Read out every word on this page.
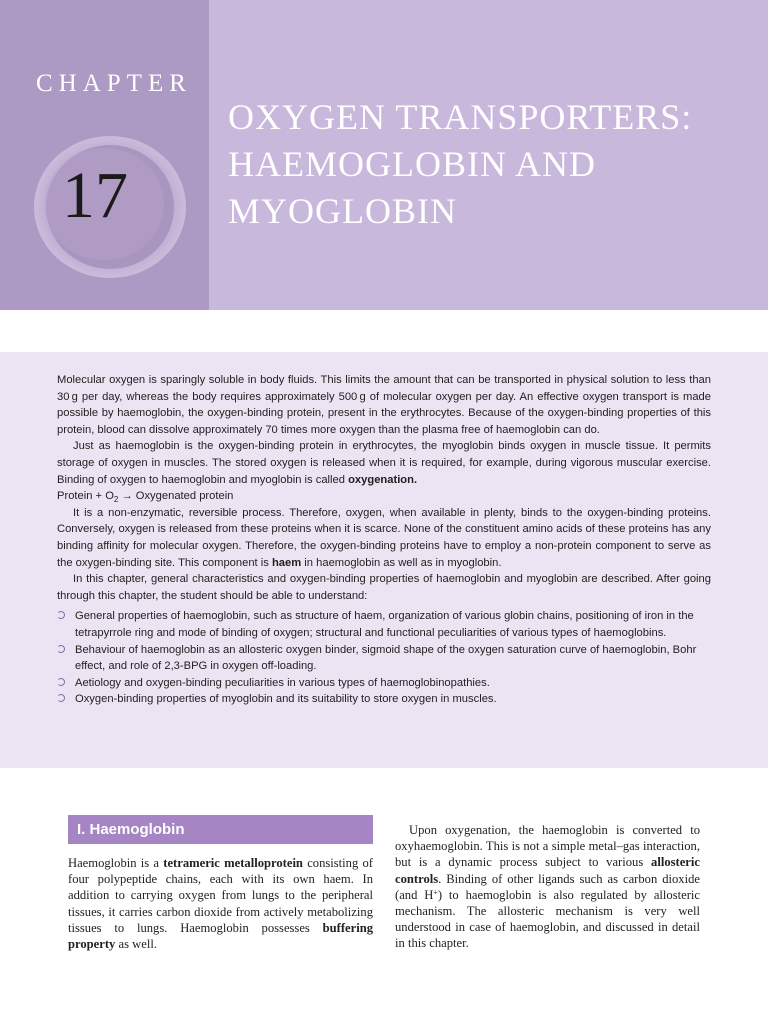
CHAPTER
17
OXYGEN TRANSPORTERS:
HAEMOGLOBIN AND
MYOGLOBIN

Molecular oxygen is sparingly soluble in body fluids. This limits the amount that can be transported in physical solution to less than 30 g per day, whereas the body requires approximately 500 g of molecular oxygen per day. An effective oxygen transport is made possible by haemoglobin, the oxygen-binding protein, present in the erythrocytes. Because of the oxygen-binding properties of this protein, blood can dissolve approximately 70 times more oxygen than the plasma free of haemoglobin can do.

Just as haemoglobin is the oxygen-binding protein in erythrocytes, the myoglobin binds oxygen in muscle tissue. It permits storage of oxygen in muscles. The stored oxygen is released when it is required, for example, during vigorous muscular exercise. Binding of oxygen to haemoglobin and myoglobin is called oxygenation.

Protein + $O_2$ → Oxygenated protein

It is a non-enzymatic, reversible process. Therefore, oxygen, when available in plenty, binds to the oxygen-binding proteins. Conversely, oxygen is released from these proteins when it is scarce. None of the constituent amino acids of these proteins has any binding affinity for molecular oxygen. Therefore, the oxygen-binding proteins have to employ a non-protein component to serve as the oxygen-binding site. This component is haem in haemoglobin as well as in myoglobin.

In this chapter, general characteristics and oxygen-binding properties of haemoglobin and myoglobin are described. After going through this chapter, the student should be able to understand:

General properties of haemoglobin, such as structure of haem, organization of various globin chains, positioning of iron in the tetrapyrrole ring and mode of binding of oxygen; structural and functional peculiarities of various types of haemoglobins.
Behaviour of haemoglobin as an allosteric oxygen binder, sigmoid shape of the oxygen saturation curve of haemoglobin, Bohr effect, and role of 2,3-BPG in oxygen off-loading.
Aetiology and oxygen-binding peculiarities in various types of haemoglobinopathies.
Oxygen-binding properties of myoglobin and its suitability to store oxygen in muscles.
I. Haemoglobin

Haemoglobin is a tetrameric metalloprotein consisting of four polypeptide chains, each with its own haem. In addition to carrying oxygen from lungs to the peripheral tissues, it carries carbon dioxide from actively metabolizing tissues to lungs. Haemoglobin possesses buffering property as well.

Upon oxygenation, the haemoglobin is converted to oxyhaemoglobin. This is not a simple metal–gas interaction, but is a dynamic process subject to various allosteric controls. Binding of other ligands such as carbon dioxide (and H+) to haemoglobin is also regulated by allosteric mechanism. The allosteric mechanism is very well understood in case of haemoglobin, and discussed in detail in this chapter.
